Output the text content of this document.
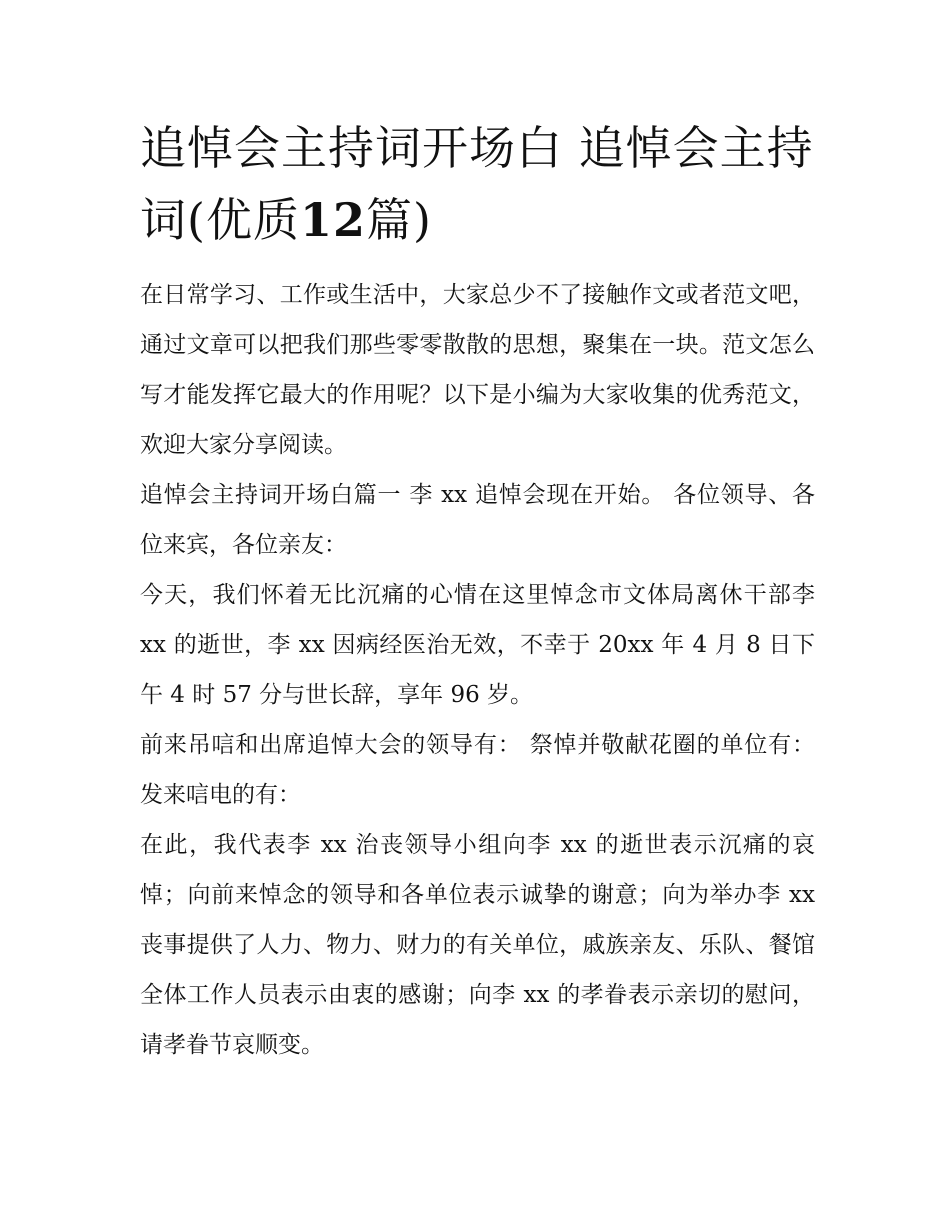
追悼会主持词开场白 追悼会主持词(优质12篇)

在日常学习、工作或生活中，大家总少不了接触作文或者范文吧，通过文章可以把我们那些零零散散的思想，聚集在一块。范文怎么写才能发挥它最大的作用呢？以下是小编为大家收集的优秀范文，欢迎大家分享阅读。

追悼会主持词开场白篇一 李 xx 追悼会现在开始。 各位领导、各位来宾，各位亲友：

今天，我们怀着无比沉痛的心情在这里悼念市文体局离休干部李 xx 的逝世，李 xx 因病经医治无效，不幸于 20xx 年 4 月 8 日下午 4 时 57 分与世长辞，享年 96 岁。

前来吊唁和出席追悼大会的领导有： 祭悼并敬献花圈的单位有： 发来唁电的有：

在此，我代表李 xx 治丧领导小组向李 xx 的逝世表示沉痛的哀悼；向前来悼念的领导和各单位表示诚挚的谢意；向为举办李 xx 丧事提供了人力、物力、财力的有关单位，戚族亲友、乐队、餐馆全体工作人员表示由衷的感谢；向李 xx 的孝眷表示亲切的慰问，请孝眷节哀顺变。
